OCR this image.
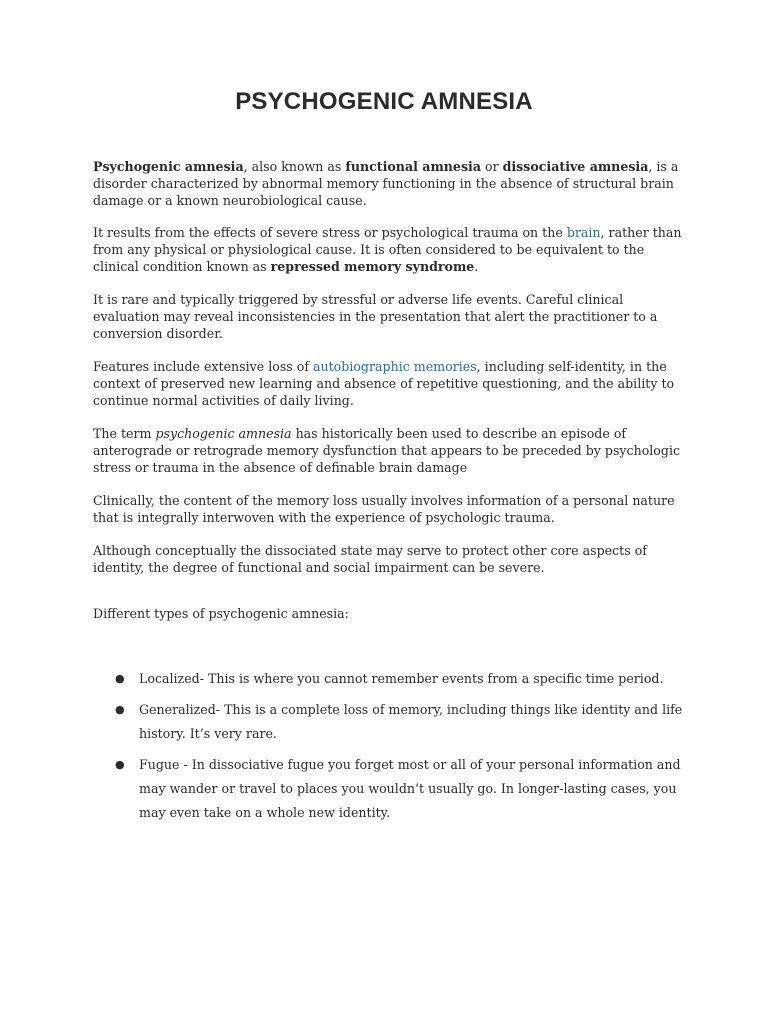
PSYCHOGENIC AMNESIA

Psychogenic amnesia, also known as functional amnesia or dissociative amnesia, is a disorder characterized by abnormal memory functioning in the absence of structural brain damage or a known neurobiological cause.

It results from the effects of severe stress or psychological trauma on the brain, rather than from any physical or physiological cause. It is often considered to be equivalent to the clinical condition known as repressed memory syndrome.

It is rare and typically triggered by stressful or adverse life events. Careful clinical evaluation may reveal inconsistencies in the presentation that alert the practitioner to a conversion disorder.

Features include extensive loss of autobiographic memories, including self-identity, in the context of preserved new learning and absence of repetitive questioning, and the ability to continue normal activities of daily living.

The term psychogenic amnesia has historically been used to describe an episode of anterograde or retrograde memory dysfunction that appears to be preceded by psychologic stress or trauma in the absence of definable brain damage

Clinically, the content of the memory loss usually involves information of a personal nature that is integrally interwoven with the experience of psychologic trauma.

Although conceptually the dissociated state may serve to protect other core aspects of identity, the degree of functional and social impairment can be severe.

Different types of psychogenic amnesia:

● Localized- This is where you cannot remember events from a specific time period.
● Generalized- This is a complete loss of memory, including things like identity and life history. It’s very rare.
● Fugue - In dissociative fugue you forget most or all of your personal information and may wander or travel to places you wouldn’t usually go. In longer-lasting cases, you may even take on a whole new identity.
